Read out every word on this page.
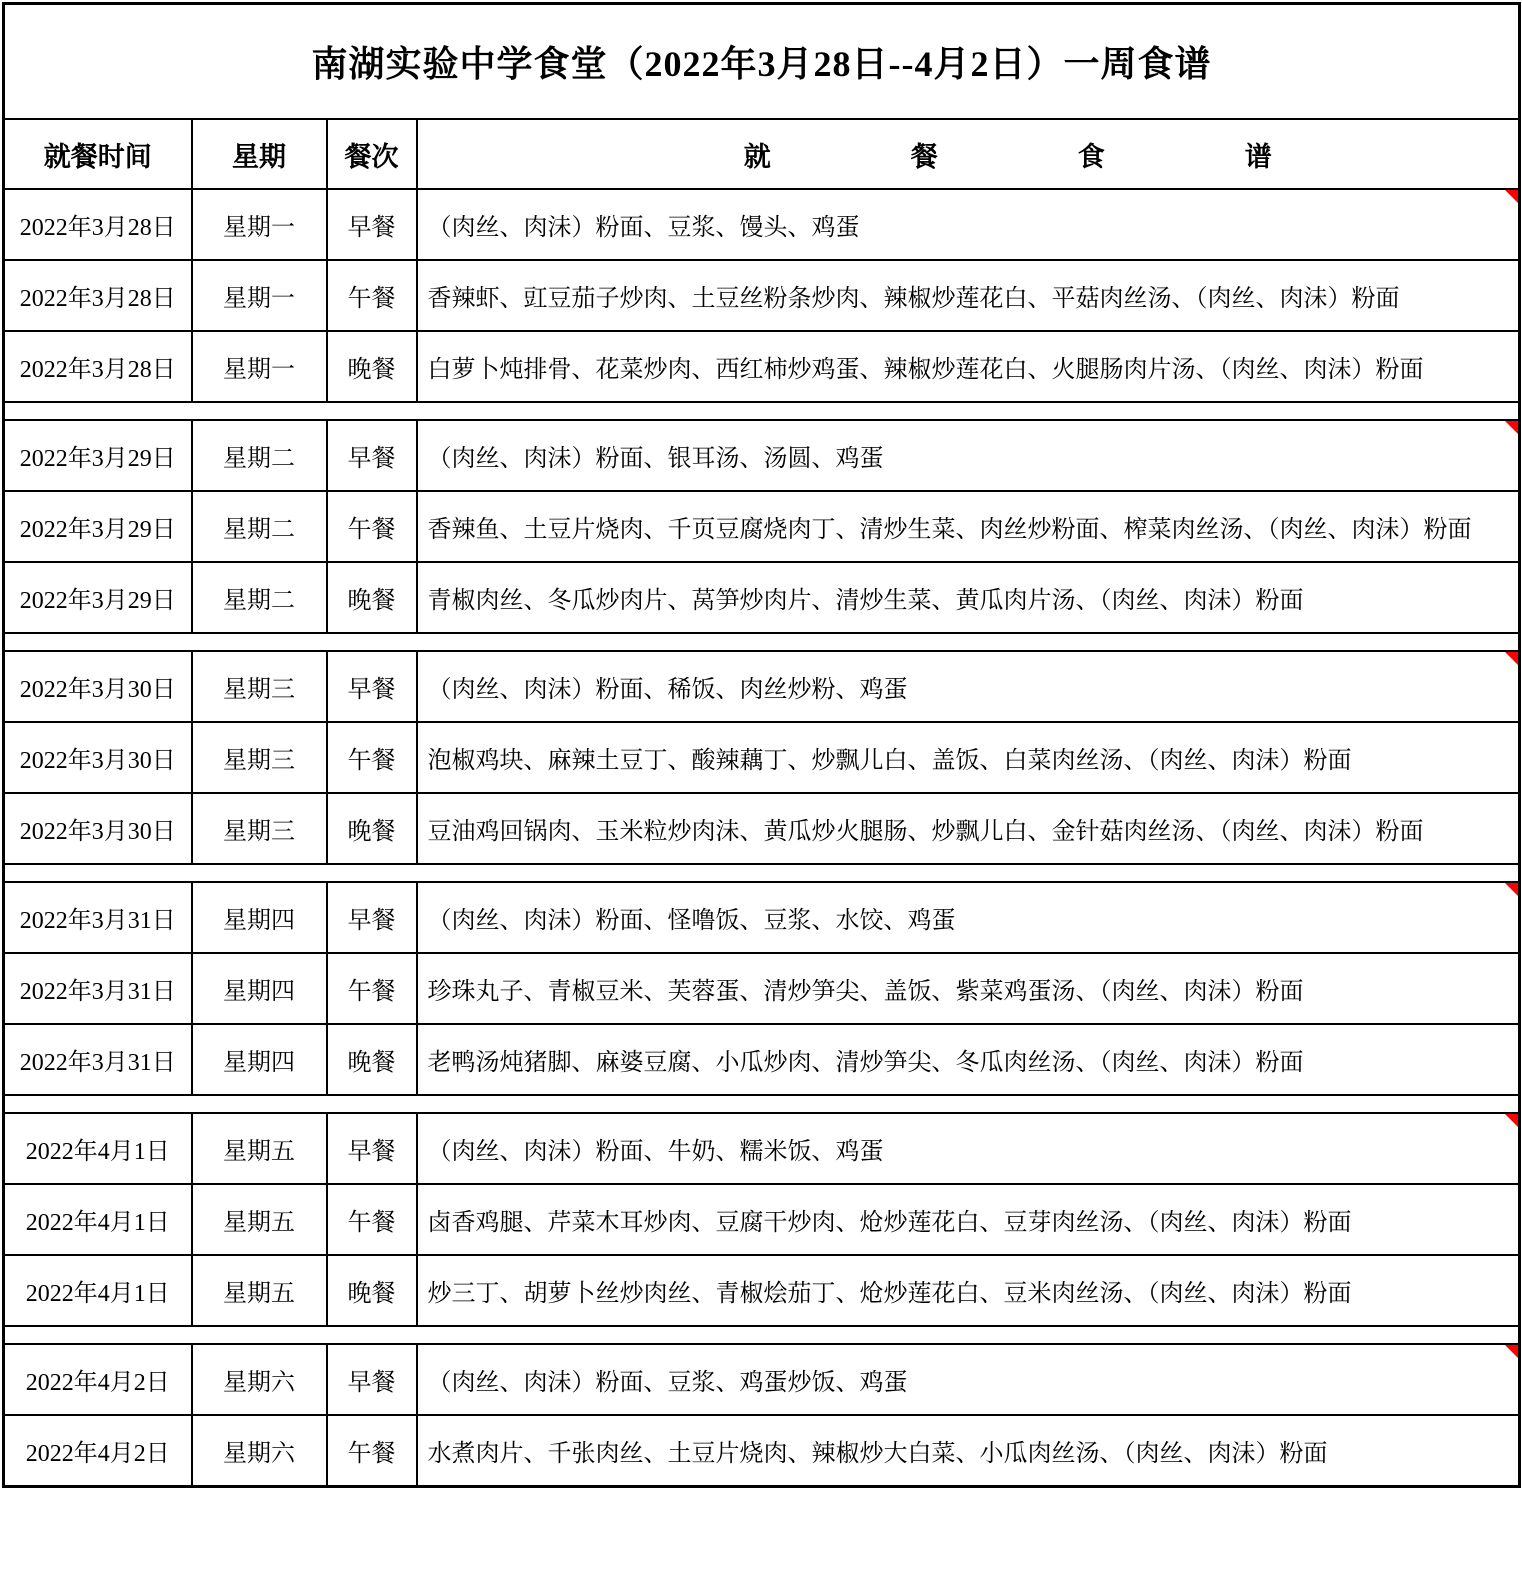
南湖实验中学食堂（2022年3月28日--4月2日）一周食谱			
就餐时间	星期	餐次	就餐食谱
2022年3月28日	星期一	早餐	（肉丝、肉沬）粉面、豆浆、馒头、鸡蛋

2022年3月28日	星期一	午餐	香辣虾、豇豆茄子炒肉、土豆丝粉条炒肉、辣椒炒莲花白、平菇肉丝汤、（肉丝、肉沬）粉面
2022年3月28日	星期一	晚餐	白萝卜炖排骨、花菜炒肉、西红柿炒鸡蛋、辣椒炒莲花白、火腿肠肉片汤、（肉丝、肉沬）粉面

2022年3月29日	星期二	早餐	（肉丝、肉沬）粉面、银耳汤、汤圆、鸡蛋

2022年3月29日	星期二	午餐	香辣鱼、土豆片烧肉、千页豆腐烧肉丁、清炒生菜、肉丝炒粉面、榨菜肉丝汤、（肉丝、肉沬）粉面
2022年3月29日	星期二	晚餐	青椒肉丝、冬瓜炒肉片、莴笋炒肉片、清炒生菜、黄瓜肉片汤、（肉丝、肉沬）粉面

2022年3月30日	星期三	早餐	（肉丝、肉沬）粉面、稀饭、肉丝炒粉、鸡蛋

2022年3月30日	星期三	午餐	泡椒鸡块、麻辣土豆丁、酸辣藕丁、炒飘儿白、盖饭、白菜肉丝汤、（肉丝、肉沬）粉面
2022年3月30日	星期三	晚餐	豆油鸡回锅肉、玉米粒炒肉沬、黄瓜炒火腿肠、炒飘儿白、金针菇肉丝汤、（肉丝、肉沬）粉面

2022年3月31日	星期四	早餐	（肉丝、肉沬）粉面、怪噜饭、豆浆、水饺、鸡蛋

2022年3月31日	星期四	午餐	珍珠丸子、青椒豆米、芙蓉蛋、清炒笋尖、盖饭、紫菜鸡蛋汤、（肉丝、肉沬）粉面
2022年3月31日	星期四	晚餐	老鸭汤炖猪脚、麻婆豆腐、小瓜炒肉、清炒笋尖、冬瓜肉丝汤、（肉丝、肉沬）粉面

2022年4月1日	星期五	早餐	（肉丝、肉沬）粉面、牛奶、糯米饭、鸡蛋

2022年4月1日	星期五	午餐	卤香鸡腿、芹菜木耳炒肉、豆腐干炒肉、炝炒莲花白、豆芽肉丝汤、（肉丝、肉沬）粉面
2022年4月1日	星期五	晚餐	炒三丁、胡萝卜丝炒肉丝、青椒烩茄丁、炝炒莲花白、豆米肉丝汤、（肉丝、肉沬）粉面

2022年4月2日	星期六	早餐	（肉丝、肉沬）粉面、豆浆、鸡蛋炒饭、鸡蛋

2022年4月2日	星期六	午餐	水煮肉片、千张肉丝、土豆片烧肉、辣椒炒大白菜、小瓜肉丝汤、（肉丝、肉沬）粉面
